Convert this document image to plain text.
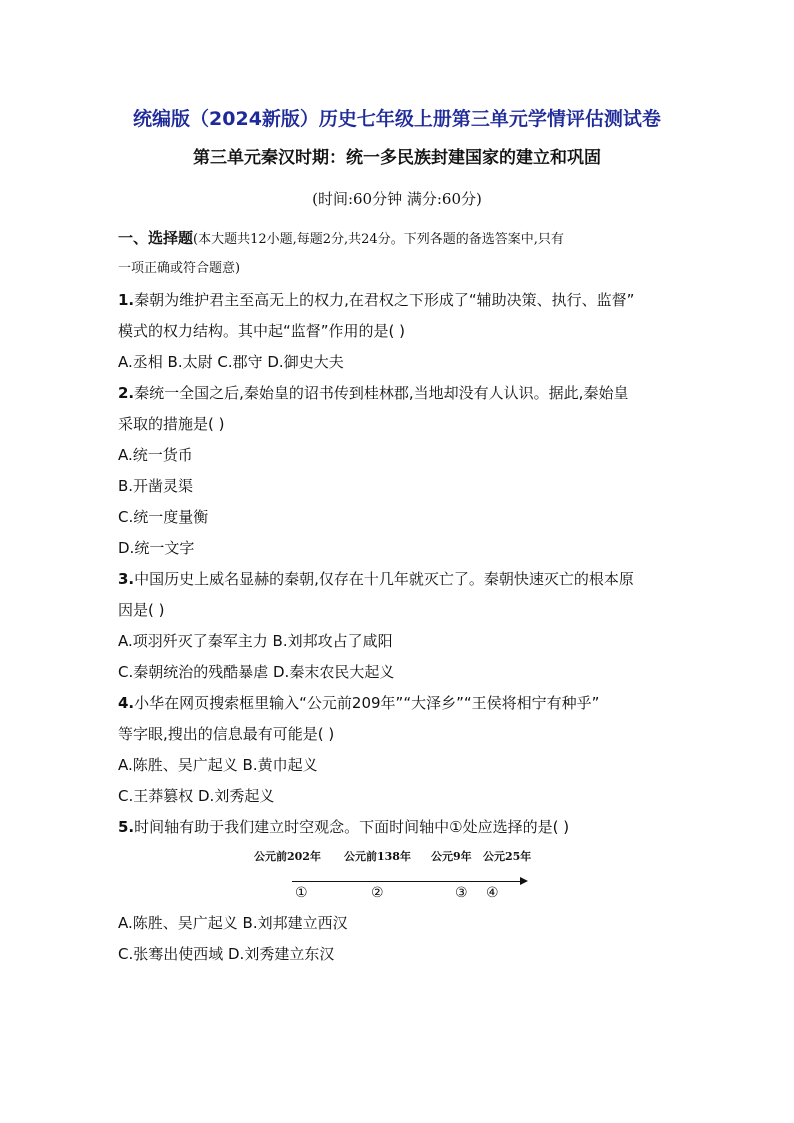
统编版（2024新版）历史七年级上册第三单元学情评估测试卷
第三单元秦汉时期：统一多民族封建国家的建立和巩固
(时间:60分钟 满分:60分)
一、选择题(本大题共12小题,每题2分,共24分。下列各题的备选答案中,只有
一项正确或符合题意)
1.秦朝为维护君主至高无上的权力,在君权之下形成了“辅助决策、执行、监督”
模式的权力结构。其中起“监督”作用的是( )
A.丞相 B.太尉 C.郡守 D.御史大夫
2.秦统一全国之后,秦始皇的诏书传到桂林郡,当地却没有人认识。据此,秦始皇
采取的措施是( )
A.统一货币
B.开凿灵渠
C.统一度量衡
D.统一文字
3.中国历史上威名显赫的秦朝,仅存在十几年就灭亡了。秦朝快速灭亡的根本原
因是( )
A.项羽歼灭了秦军主力 B.刘邦攻占了咸阳
C.秦朝统治的残酷暴虐 D.秦末农民大起义
4.小华在网页搜索框里输入“公元前209年”“大泽乡”“王侯将相宁有种乎”
等字眼,搜出的信息最有可能是( )
A.陈胜、吴广起义 B.黄巾起义
C.王莽篡权 D.刘秀起义
5.时间轴有助于我们建立时空观念。下面时间轴中①处应选择的是( )
公元前202年 公元前138年 公元9年 公元25年
①	②	③ ④
A.陈胜、吴广起义 B.刘邦建立西汉
C.张骞出使西域 D.刘秀建立东汉
